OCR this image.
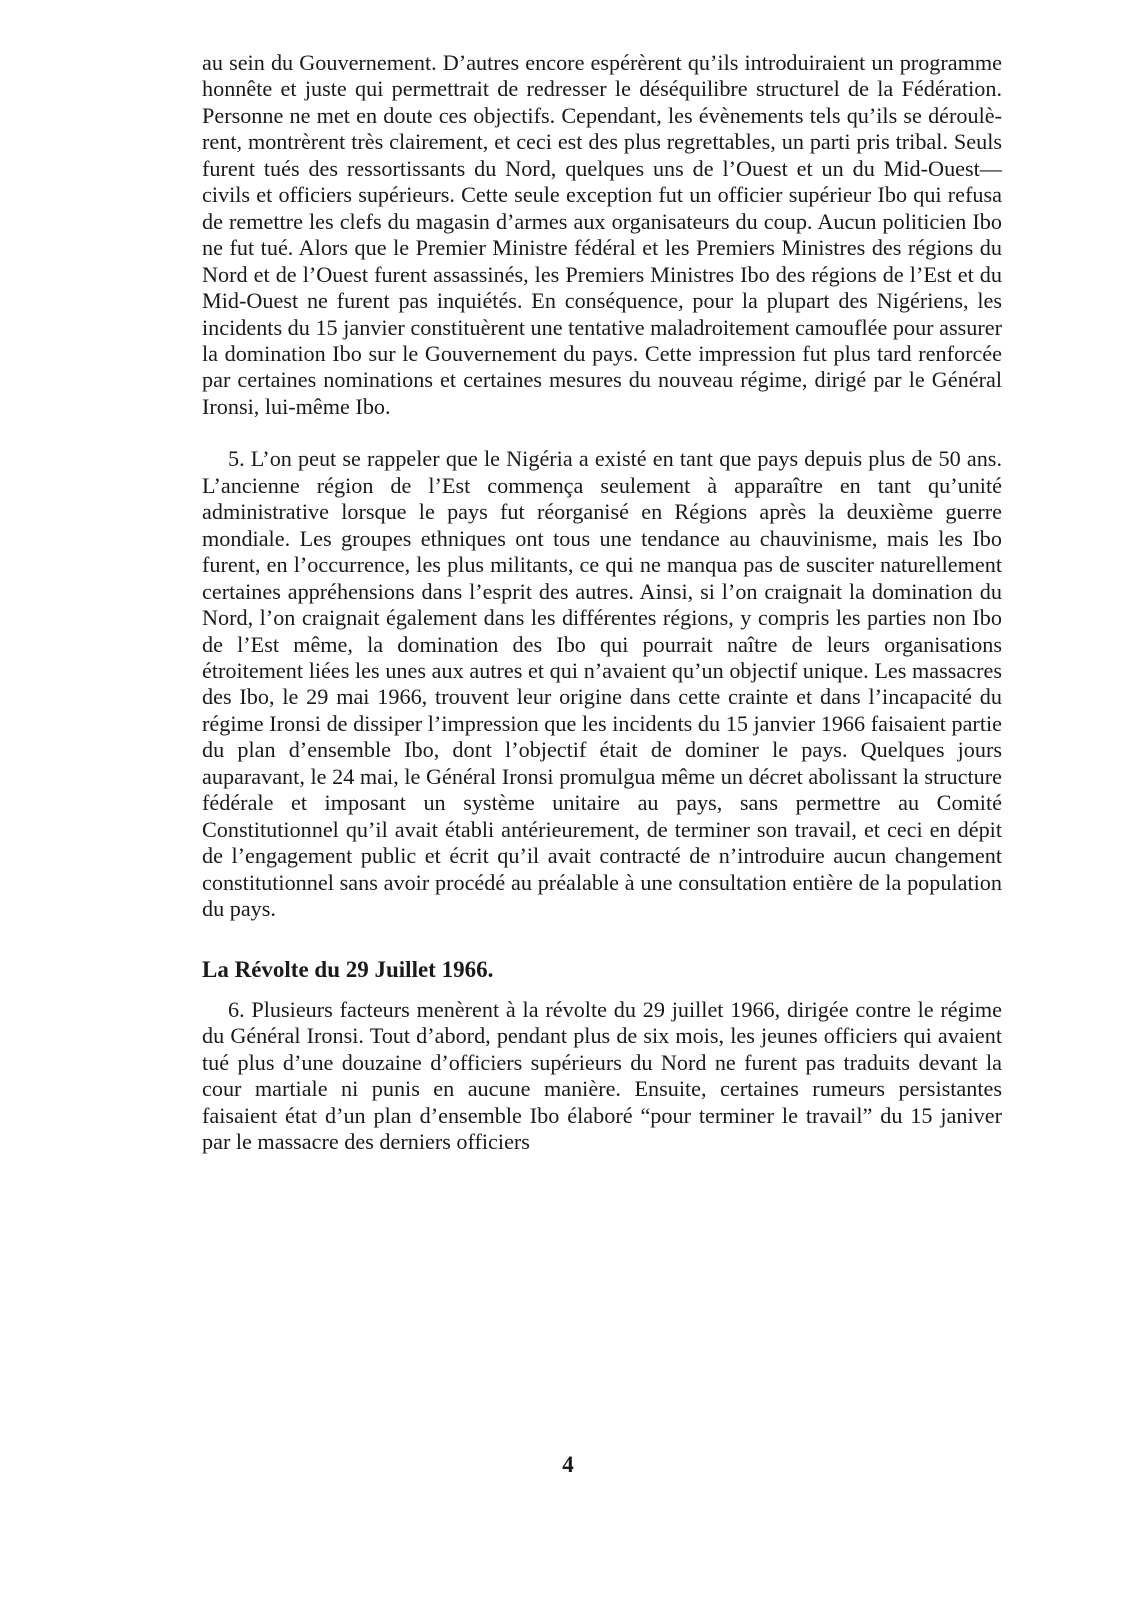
au sein du Gouvernement. D’autres encore espérèrent qu’ils introduiraient un programme honnête et juste qui permettrait de redresser le déséquilibre structurel de la Fédération. Personne ne met en doute ces objectifs. Cependant, les évènements tels qu’ils se déroulèrent, montrèrent très clairement, et ceci est des plus regrettables, un parti pris tribal. Seuls furent tués des ressortissants du Nord, quelques uns de l’Ouest et un du Mid-Ouest—civils et officiers supérieurs. Cette seule exception fut un officier supérieur Ibo qui refusa de remettre les clefs du magasin d’armes aux organisateurs du coup. Aucun politicien Ibo ne fut tué. Alors que le Premier Ministre fédéral et les Premiers Ministres des régions du Nord et de l’Ouest furent assassinés, les Premiers Ministres Ibo des régions de l’Est et du Mid-Ouest ne furent pas inquiétés. En conséquence, pour la plupart des Nigériens, les incidents du 15 janvier constituèrent une tentative maladroitement camouflée pour assurer la domination Ibo sur le Gouvernement du pays. Cette impression fut plus tard renforcée par certaines nominations et certaines mesures du nouveau régime, dirigé par le Général Ironsi, lui-même Ibo.

5. L’on peut se rappeler que le Nigéria a existé en tant que pays depuis plus de 50 ans. L’ancienne région de l’Est commença seulement à apparaître en tant qu’unité administrative lorsque le pays fut réorganisé en Régions après la deuxième guerre mondiale. Les groupes ethniques ont tous une tendance au chauvinisme, mais les Ibo furent, en l’occurrence, les plus militants, ce qui ne manqua pas de susciter naturellement certaines appréhensions dans l’esprit des autres. Ainsi, si l’on craignait la domination du Nord, l’on craignait également dans les différentes régions, y compris les parties non Ibo de l’Est même, la domination des Ibo qui pourrait naître de leurs organisations étroitement liées les unes aux autres et qui n’avaient qu’un objectif unique. Les massacres des Ibo, le 29 mai 1966, trouvent leur origine dans cette crainte et dans l’incapacité du régime Ironsi de dissiper l’impression que les incidents du 15 janvier 1966 faisaient partie du plan d’ensemble Ibo, dont l’objectif était de dominer le pays. Quelques jours auparavant, le 24 mai, le Général Ironsi promulgua même un décret abolissant la structure fédérale et imposant un système unitaire au pays, sans permettre au Comité Constitutionnel qu’il avait établi antérieurement, de terminer son travail, et ceci en dépit de l’engagement public et écrit qu’il avait contracté de n’introduire aucun changement constitutionnel sans avoir procédé au préalable à une consultation entière de la population du pays.

La Révolte du 29 Juillet 1966.

6. Plusieurs facteurs menèrent à la révolte du 29 juillet 1966, dirigée contre le régime du Général Ironsi. Tout d’abord, pendant plus de six mois, les jeunes officiers qui avaient tué plus d’une douzaine d’officiers supérieurs du Nord ne furent pas traduits devant la cour martiale ni punis en aucune manière. Ensuite, certaines rumeurs persistantes faisaient état d’un plan d’ensemble Ibo élaboré “pour terminer le travail” du 15 janiver par le massacre des derniers officiers

4
